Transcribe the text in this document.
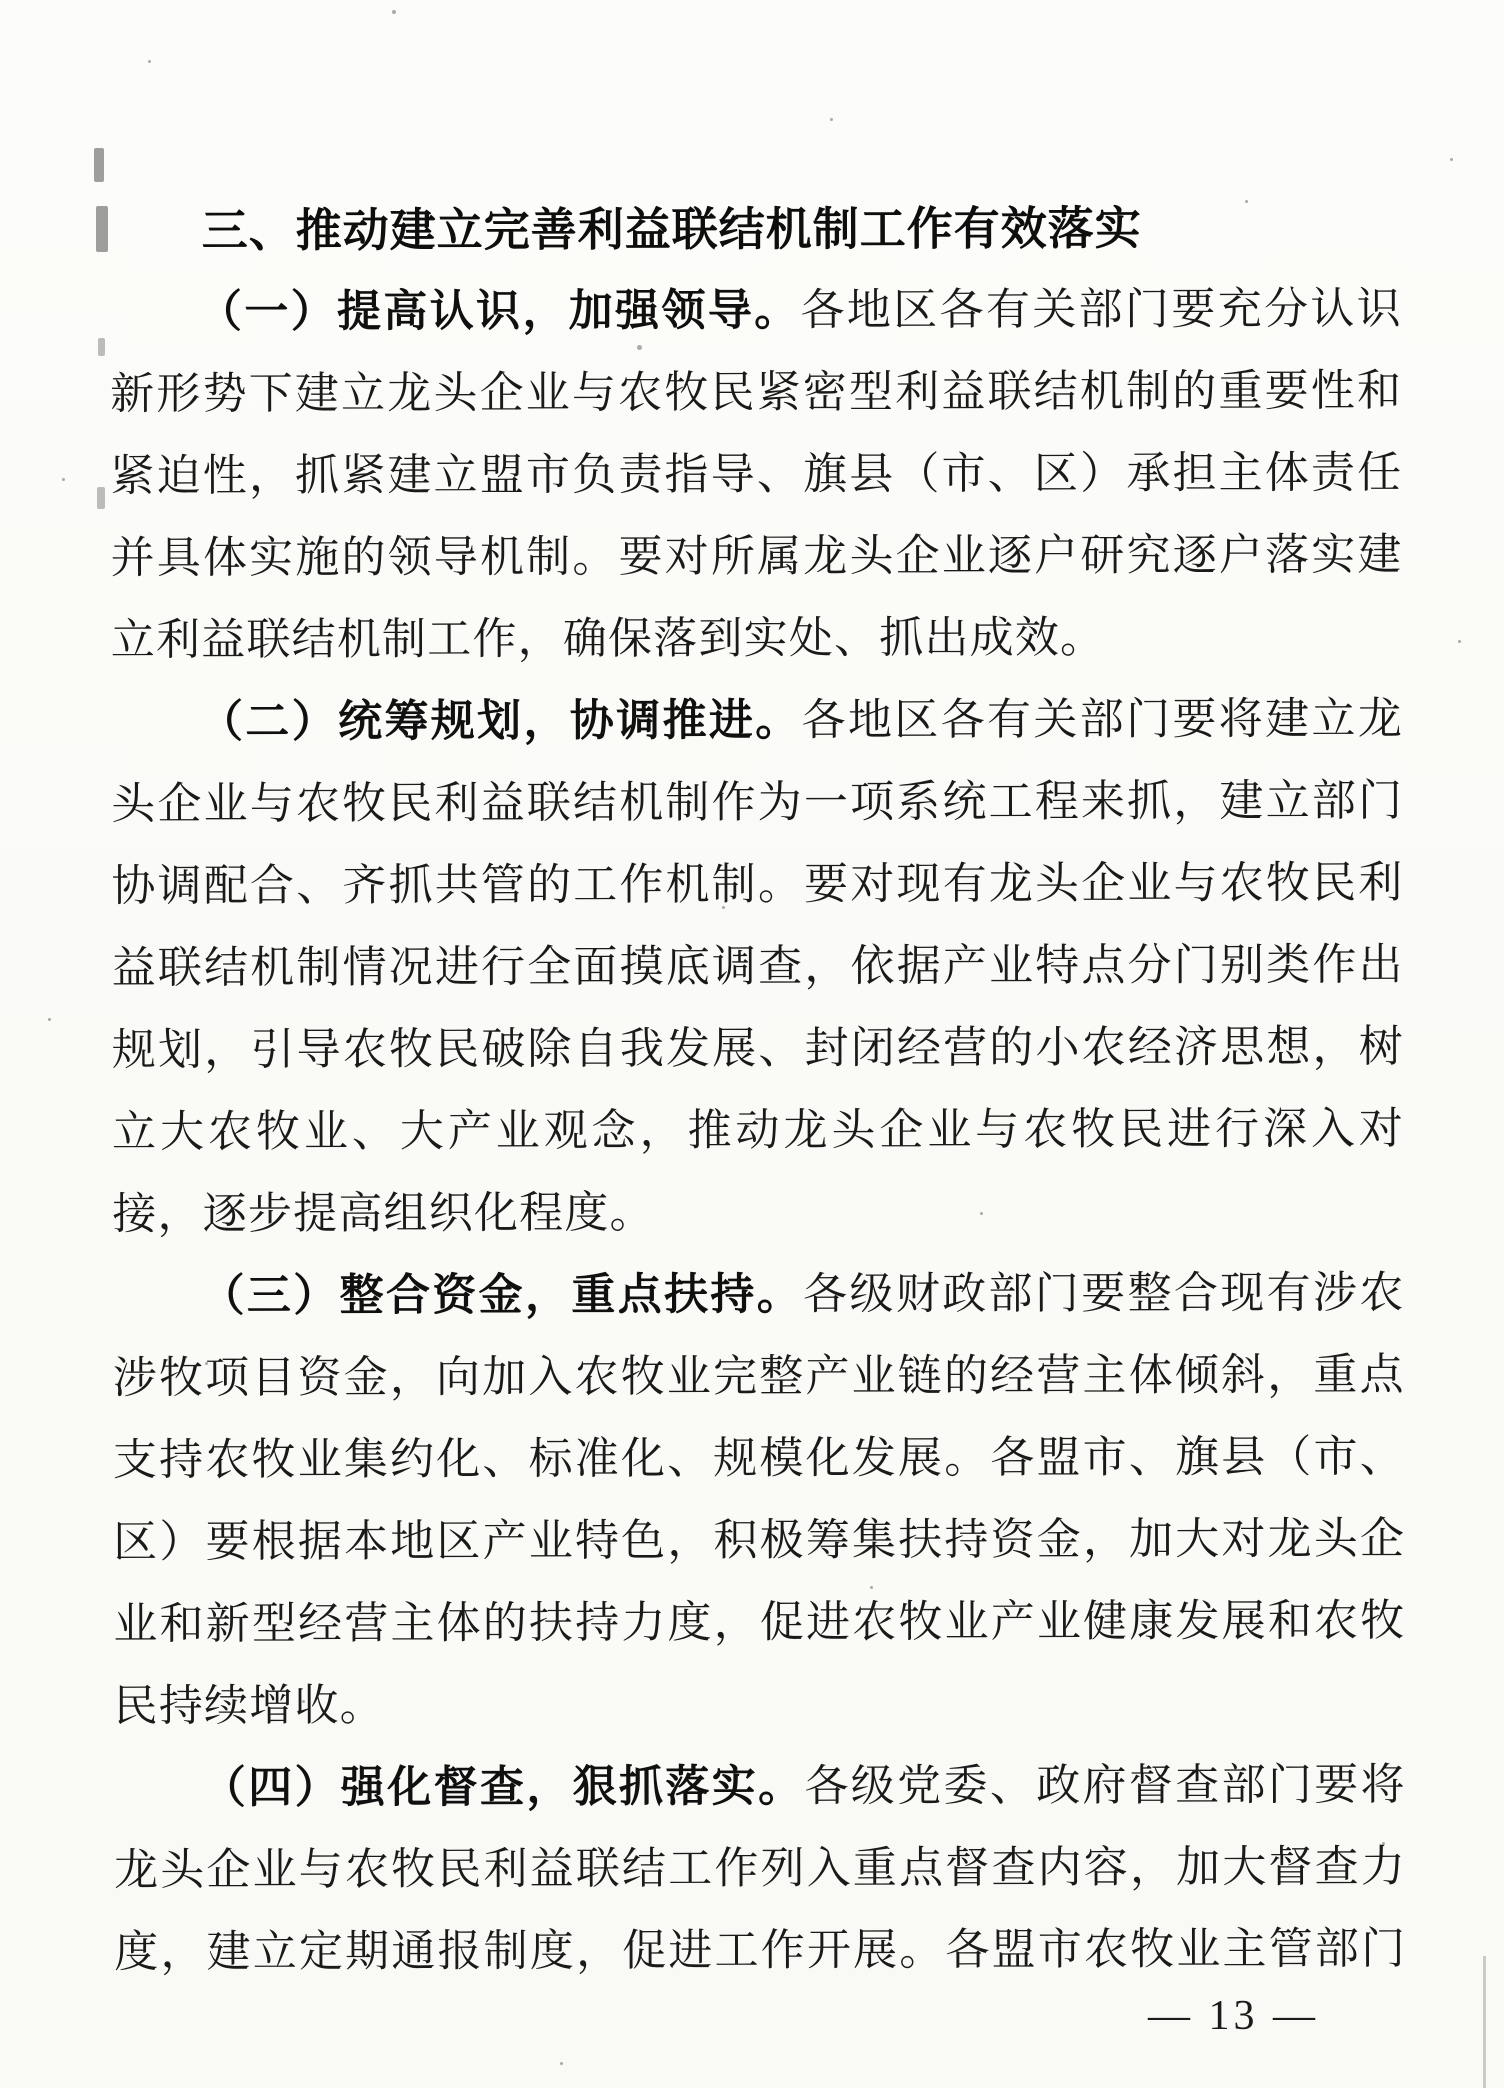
三、推动建立完善利益联结机制工作有效落实
（一）提高认识，加强领导。各地区各有关部门要充分认识
新形势下建立龙头企业与农牧民紧密型利益联结机制的重要性和
紧迫性，抓紧建立盟市负责指导、旗县（市、区）承担主体责任
并具体实施的领导机制。要对所属龙头企业逐户研究逐户落实建
立利益联结机制工作，确保落到实处、抓出成效。
（二）统筹规划，协调推进。各地区各有关部门要将建立龙
头企业与农牧民利益联结机制作为一项系统工程来抓，建立部门
协调配合、齐抓共管的工作机制。要对现有龙头企业与农牧民利
益联结机制情况进行全面摸底调查，依据产业特点分门别类作出
规划，引导农牧民破除自我发展、封闭经营的小农经济思想，树
立大农牧业、大产业观念，推动龙头企业与农牧民进行深入对
接，逐步提高组织化程度。
（三）整合资金，重点扶持。各级财政部门要整合现有涉农
涉牧项目资金，向加入农牧业完整产业链的经营主体倾斜，重点
支持农牧业集约化、标准化、规模化发展。各盟市、旗县（市、
区）要根据本地区产业特色，积极筹集扶持资金，加大对龙头企
业和新型经营主体的扶持力度，促进农牧业产业健康发展和农牧
民持续增收。
（四）强化督查，狠抓落实。各级党委、政府督查部门要将
龙头企业与农牧民利益联结工作列入重点督查内容，加大督查力
度，建立定期通报制度，促进工作开展。各盟市农牧业主管部门
— 13 —
